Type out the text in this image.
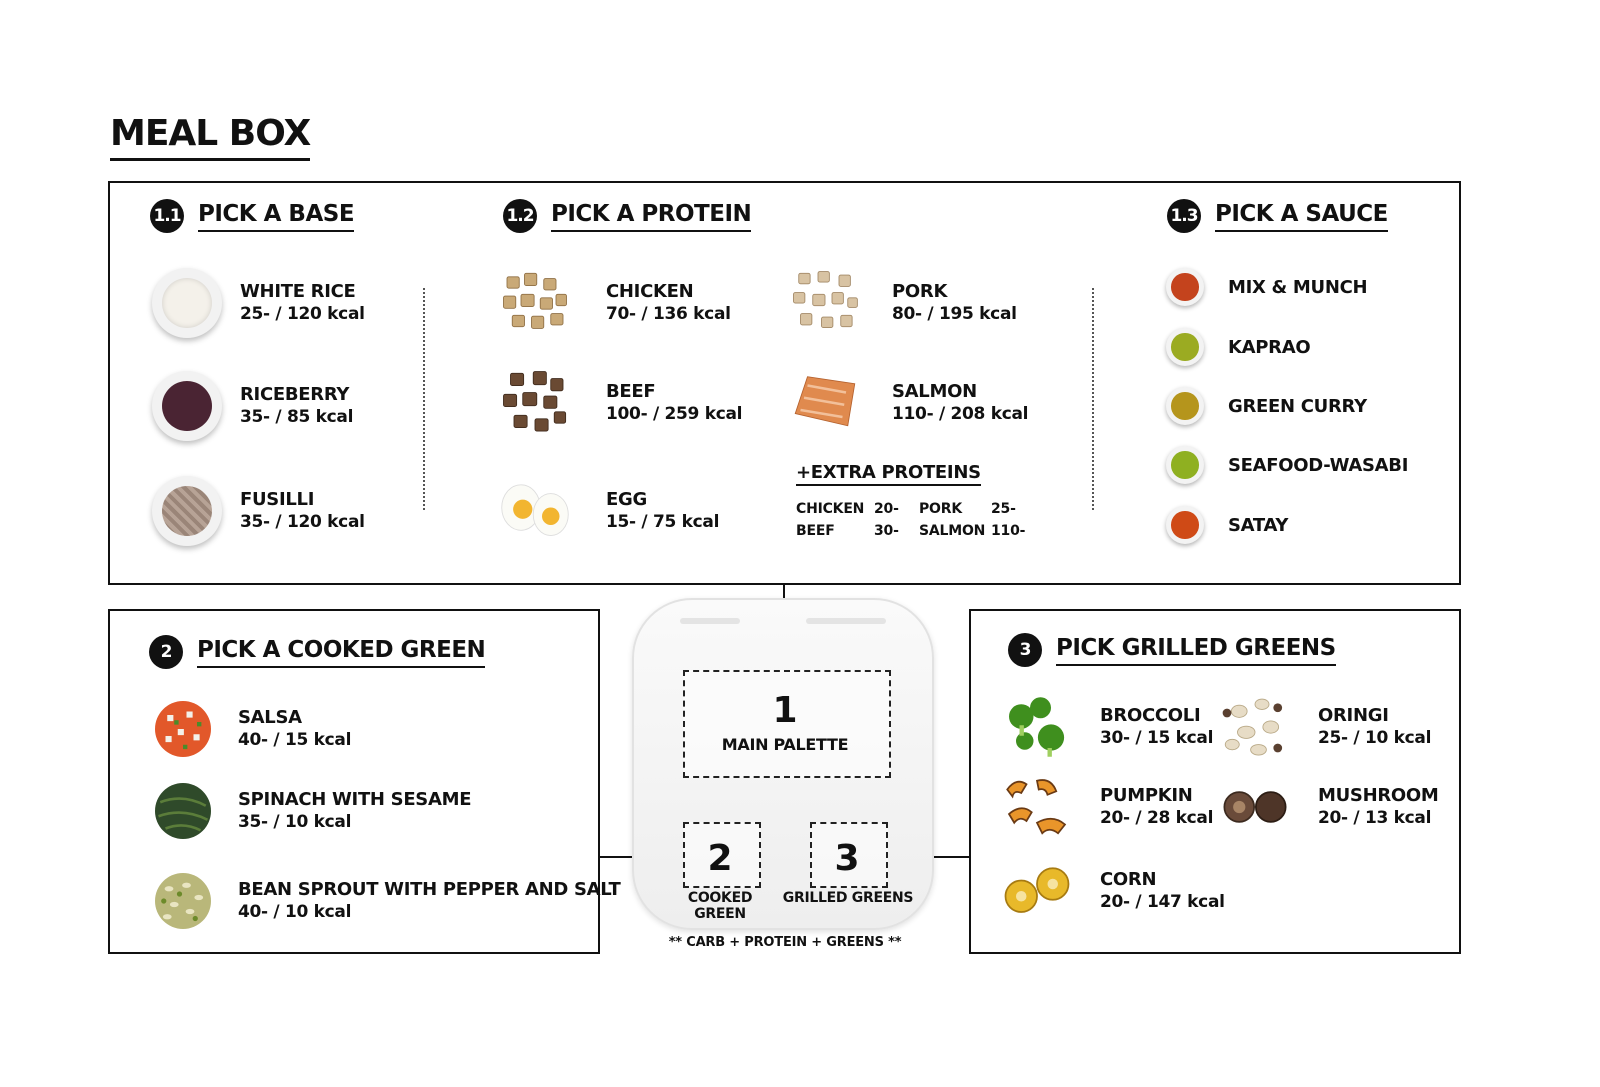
MEAL BOX
1.1 PICK A BASE
WHITE RICE
25- / 120 kcal
RICEBERRY
35- / 85 kcal
FUSILLI
35- / 120 kcal
1.2 PICK A PROTEIN
CHICKEN
70- / 136 kcal
BEEF
100- / 259 kcal
EGG
15- / 75 kcal
PORK
80- / 195 kcal
SALMON
110- / 208 kcal
+EXTRA PROTEINS
CHICKEN 20- PORK 25-
BEEF	30- SALMON 110-
1.3 PICK A SAUCE
MIX & MUNCH
KAPRAO
GREEN CURRY
SEAFOOD-WASABI
SATAY
2	PICK A COOKED GREEN
SALSA
40- / 15 kcal
SPINACH WITH SESAME
35- / 10 kcal
BEAN SPROUT WITH PEPPER AND SALT
40- / 10 kcal
3	PICK GRILLED GREENS
BROCCOLI
30- / 15 kcal
ORINGI
25- / 10 kcal
PUMPKIN
20- / 28 kcal
MUSHROOM
20- / 13 kcal
CORN
20- / 147 kcal
1
MAIN PALETTE
2
COOKED GREEN
3
GRILLED GREENS
** CARB + PROTEIN + GREENS **
